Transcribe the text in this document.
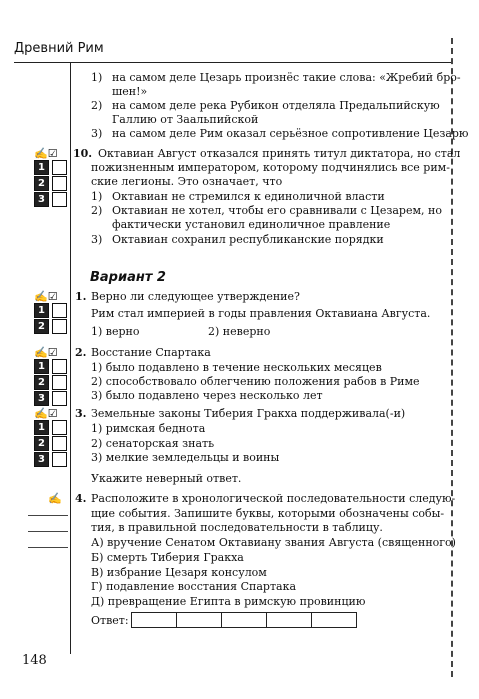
Древний Рим
1) на самом деле Цезарь произнёс такие слова: «Жребий бро-
шен!»
2) на самом деле река Рубикон отделяла Предальпийскую
Галлию от Заальпийской
3) на самом деле Рим оказал серьёзное сопротивление Цезарю
✍☑
1
2
3
10. Октавиан Август отказался принять титул диктатора, но стал
пожизненным императором, которому подчинялись все рим-
ские легионы. Это означает, что
1) Октавиан не стремился к единоличной власти
2) Октавиан не хотел, чтобы его сравнивали с Цезарем, но
фактически установил единоличное правление
3) Октавиан сохранил республиканские порядки
Вариант 2
✍☑
1
2
1. Верно ли следующее утверждение?
Рим стал империей в годы правления Октавиана Августа.
1) верно	2) неверно
✍☑
1
2
3
2. Восстание Спартака
1) было подавлено в течение нескольких месяцев
2) способствовало облегчению положения рабов в Риме
3) было подавлено через несколько лет
✍☑
1
2
3
3. Земельные законы Тиберия Гракха поддерживала(-и)
1) римская беднота
2) сенаторская знать
3) мелкие земледельцы и воины
Укажите неверный ответ.
✍ 4. Расположите в хронологической последовательности следую-
щие события. Запишите буквы, которыми обозначены собы-
тия, в правильной последовательности в таблицу.
А) вручение Сенатом Октавиану звания Августа (священного)
Б) смерть Тиберия Гракха
В) избрание Цезаря консулом
Г) подавление восстания Спартака
Д) превращение Египта в римскую провинцию
Ответ:
148
